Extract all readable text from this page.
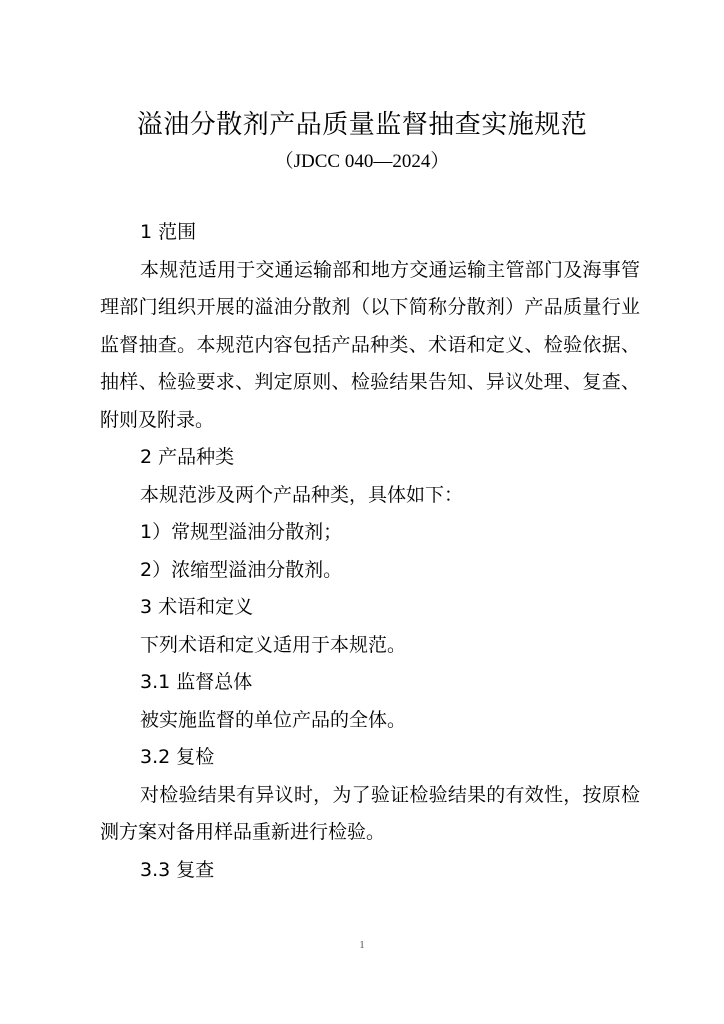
溢油分散剂产品质量监督抽查实施规范
（JDCC 040—2024）

1 范围

本规范适用于交通运输部和地方交通运输主管部门及海事管理部门组织开展的溢油分散剂（以下简称分散剂）产品质量行业监督抽查。本规范内容包括产品种类、术语和定义、检验依据、抽样、检验要求、判定原则、检验结果告知、异议处理、复查、附则及附录。

2 产品种类

本规范涉及两个产品种类，具体如下：

1）常规型溢油分散剂；

2）浓缩型溢油分散剂。

3 术语和定义

下列术语和定义适用于本规范。

3.1 监督总体

被实施监督的单位产品的全体。

3.2 复检

对检验结果有异议时，为了验证检验结果的有效性，按原检测方案对备用样品重新进行检验。

3.3 复查

1
